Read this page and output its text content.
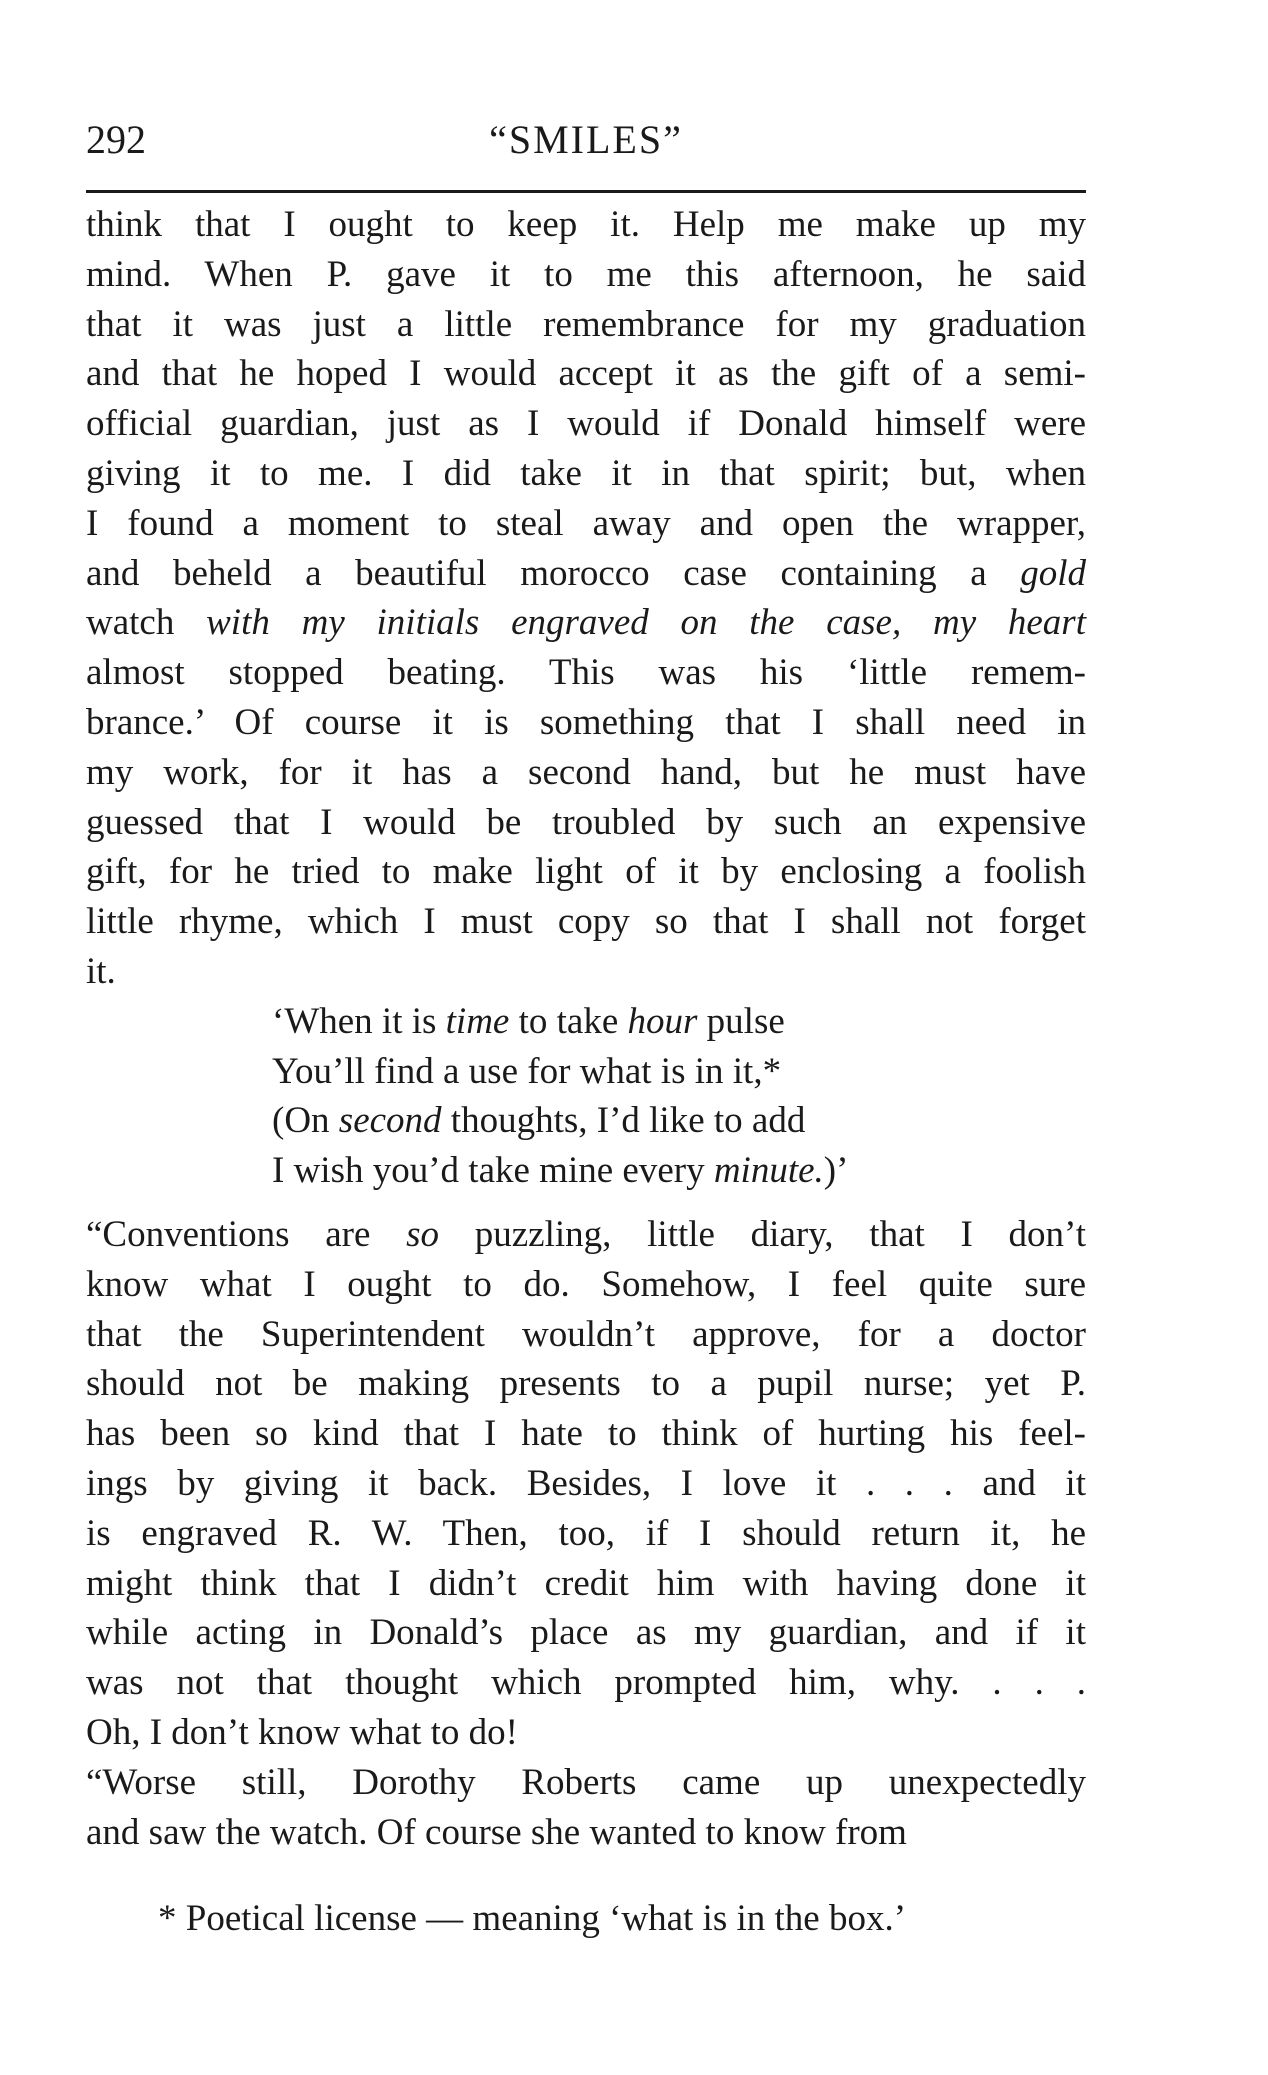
292	“SMILES”
think that I ought to keep it. Help me make up my
mind. When P. gave it to me this afternoon, he said
that it was just a little remembrance for my graduation
and that he hoped I would accept it as the gift of a semi-
official guardian, just as I would if Donald himself were
giving it to me. I did take it in that spirit; but, when
I found a moment to steal away and open the wrapper,
and beheld a beautiful morocco case containing a gold
watch with my initials engraved on the case, my heart
almost stopped beating. This was his ‘little remem-
brance.’ Of course it is something that I shall need in
my work, for it has a second hand, but he must have
guessed that I would be troubled by such an expensive
gift, for he tried to make light of it by enclosing a foolish
little rhyme, which I must copy so that I shall not forget
it.
‘When it is time to take hour pulse
You’ll find a use for what is in it,*
(On second thoughts, I’d like to add
I wish you’d take mine every minute.)’
“Conventions are so puzzling, little diary, that I don’t
know what I ought to do. Somehow, I feel quite sure
that the Superintendent wouldn’t approve, for a doctor
should not be making presents to a pupil nurse; yet P.
has been so kind that I hate to think of hurting his feel-
ings by giving it back. Besides, I love it . . . and it
is engraved R. W. Then, too, if I should return it, he
might think that I didn’t credit him with having done it
while acting in Donald’s place as my guardian, and if it
was not that thought which prompted him, why. . . .
Oh, I don’t know what to do!
“Worse still, Dorothy Roberts came up unexpectedly
and saw the watch. Of course she wanted to know from
* Poetical license — meaning ‘what is in the box.’
